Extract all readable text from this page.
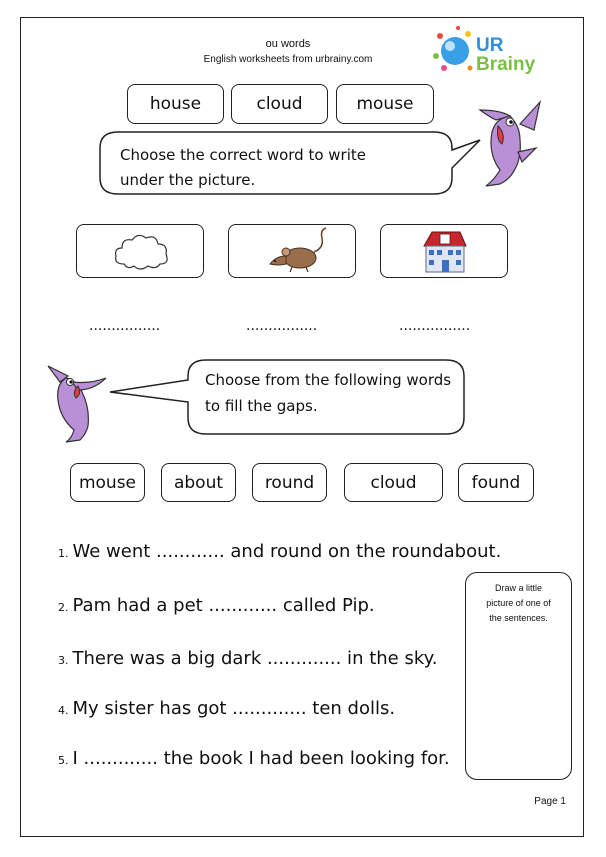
ou words
English worksheets from urbrainy.com
UR
Brainy
house	cloud	mouse
Choose the correct word to write
under the picture.
................	................	................
Choose from the following words
to fill the gaps.
mouse	about	round	cloud	found
1. We went ............ and round on the roundabout.
2. Pam had a pet ............ called Pip.
3. There was a big dark ............. in the sky.
4. My sister has got ............. ten dolls.
5. I ............. the book I had been looking for.
Draw a little
picture of one of
the sentences.
Page 1
